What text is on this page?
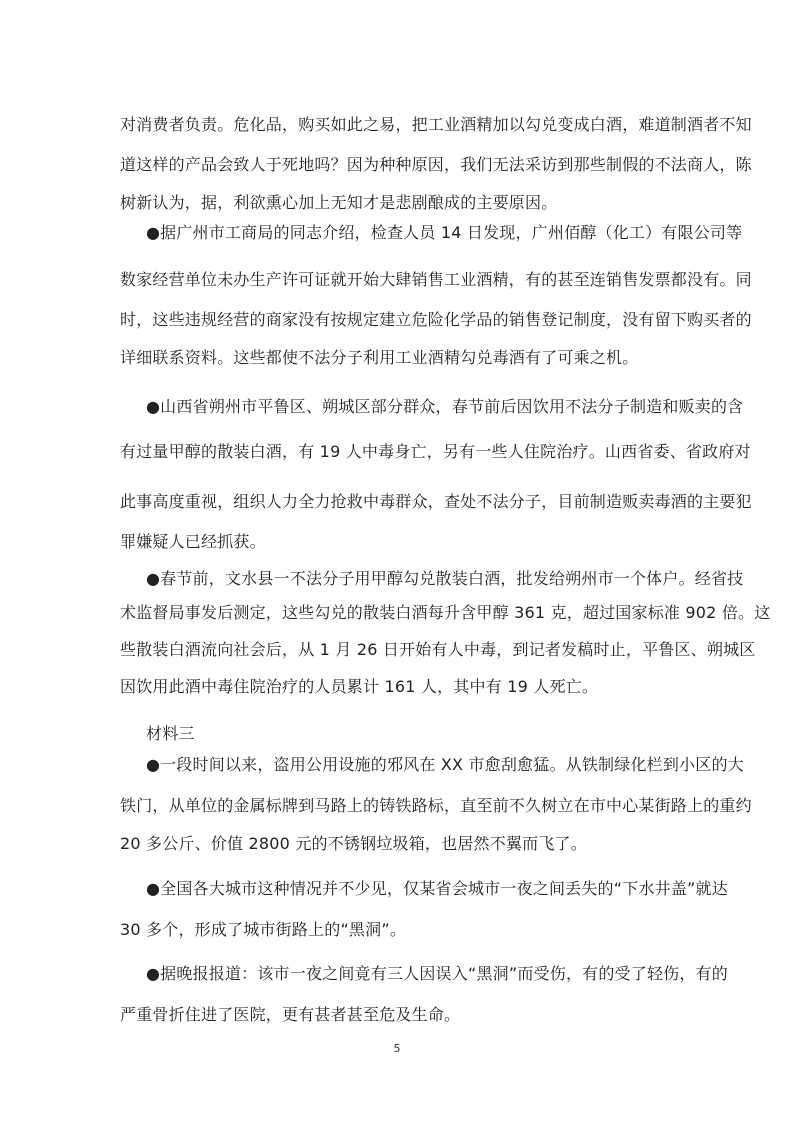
对消费者负责。危化品，购买如此之易，把工业酒精加以勾兑变成白酒，难道制酒者不知
道这样的产品会致人于死地吗？因为种种原因，我们无法采访到那些制假的不法商人，陈
树新认为，据，利欲熏心加上无知才是悲剧酿成的主要原因。
●据广州市工商局的同志介绍，检查人员 14 日发现，广州佰醇（化工）有限公司等
数家经营单位未办生产许可证就开始大肆销售工业酒精，有的甚至连销售发票都没有。同
时，这些违规经营的商家没有按规定建立危险化学品的销售登记制度，没有留下购买者的
详细联系资料。这些都使不法分子利用工业酒精勾兑毒酒有了可乘之机。
●山西省朔州市平鲁区、朔城区部分群众，春节前后因饮用不法分子制造和贩卖的含
有过量甲醇的散装白酒，有 19 人中毒身亡，另有一些人住院治疗。山西省委、省政府对
此事高度重视，组织人力全力抢救中毒群众，查处不法分子，目前制造贩卖毒酒的主要犯
罪嫌疑人已经抓获。
●春节前，文水县一不法分子用甲醇勾兑散装白酒，批发给朔州市一个体户。经省技
术监督局事发后测定，这些勾兑的散装白酒每升含甲醇 361 克，超过国家标准 902 倍。这
些散装白酒流向社会后，从 1 月 26 日开始有人中毒，到记者发稿时止，平鲁区、朔城区
因饮用此酒中毒住院治疗的人员累计 161 人，其中有 19 人死亡。
材料三
●一段时间以来，盗用公用设施的邪风在 XX 市愈刮愈猛。从铁制绿化栏到小区的大
铁门，从单位的金属标牌到马路上的铸铁路标，直至前不久树立在市中心某街路上的重约
20 多公斤、价值 2800 元的不锈钢垃圾箱，也居然不翼而飞了。
●全国各大城市这种情况并不少见，仅某省会城市一夜之间丢失的“下水井盖”就达
30 多个，形成了城市街路上的“黑洞”。
●据晚报报道：该市一夜之间竟有三人因误入“黑洞”而受伤，有的受了轻伤，有的
严重骨折住进了医院，更有甚者甚至危及生命。
5
